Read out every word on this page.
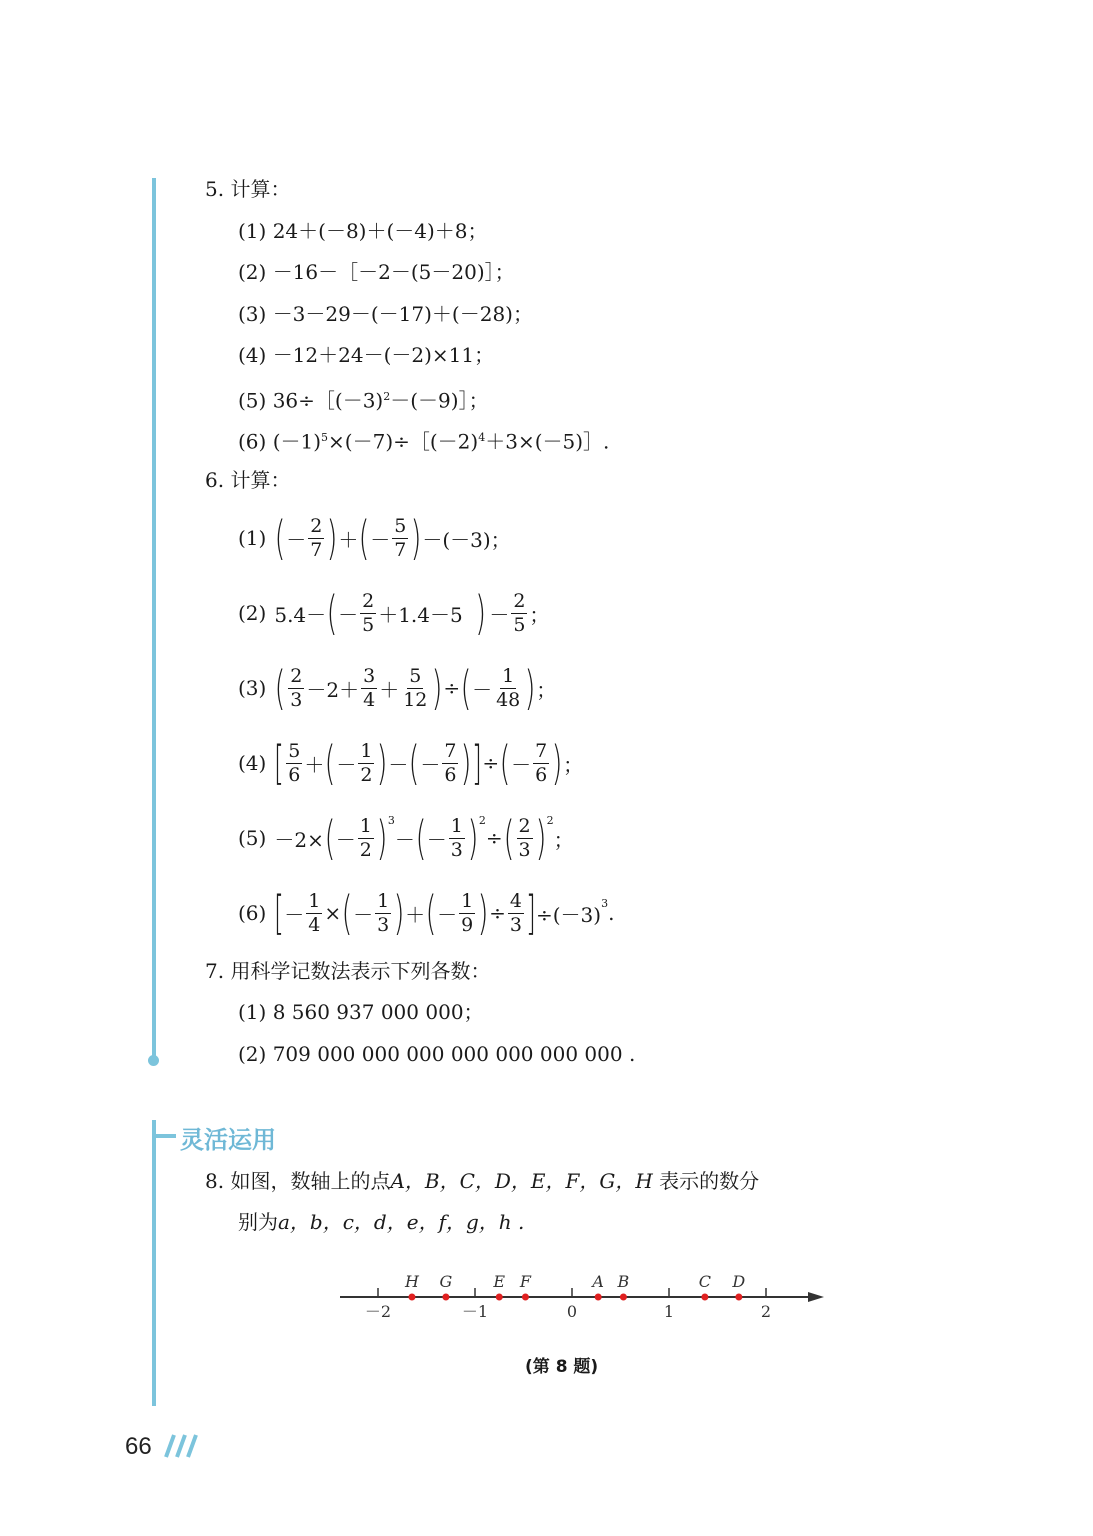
5. 计算：
(1) 24＋(－8)＋(－4)＋8；
(2) －16－［－2－(5－20)］；
(3) －3－29－(－17)＋(－28)；
(4) －12＋24－(－2)×11；
(5) $36\div[(-3)^2-(-9)]$；
(6) $(-1)^5\times(-7)\div[(-2)^4+3\times(-5)]$.
6. 计算：
(1) ( － $\frac{2}{7}$ ) ＋ ( － $\frac{5}{7}$ ) －(－3)；
(2) 5.4－ ( － $\frac{2}{5} +1.4-5$ ) － $\frac{2}{5}$ ；
(3) ( $\frac{2}{3} -2+ \frac{3}{4} + \frac{5}{12}$ ) ÷ ( － $\frac{1}{48}$ ) ；
(4) [ $\frac{5}{6}$ ＋ ( － $\frac{1}{2}$ ) － ( － $\frac{7}{6}$ ) ] ÷ ( － $\frac{7}{6}$ ) ；
(5) －2× ( － $\frac{1}{2} )^3$
－ ( － $\frac{1}{3} )^2$
÷ ( $\frac{2}{3} )^2$
；
(6) [ － $\frac{1}{4}$ × ( － $\frac{1}{3}$ ) ＋ ( － $\frac{1}{9}$ ) ÷ $\frac{4}{3}$ ] $\div(-3)^3$ .
7. 用科学记数法表示下列各数：
(1) 8 560 937 000 000；
(2) 709 000 000 000 000 000 000 000 .
灵活运用
8. 如图，数轴上的点A，B，C，D，E，F，G，H 表示的数分
别为a，b，c，d，e，f，g，h .
－2	－1	0	1	2
H G	E F	A B	C D
(第 8 题)
66
